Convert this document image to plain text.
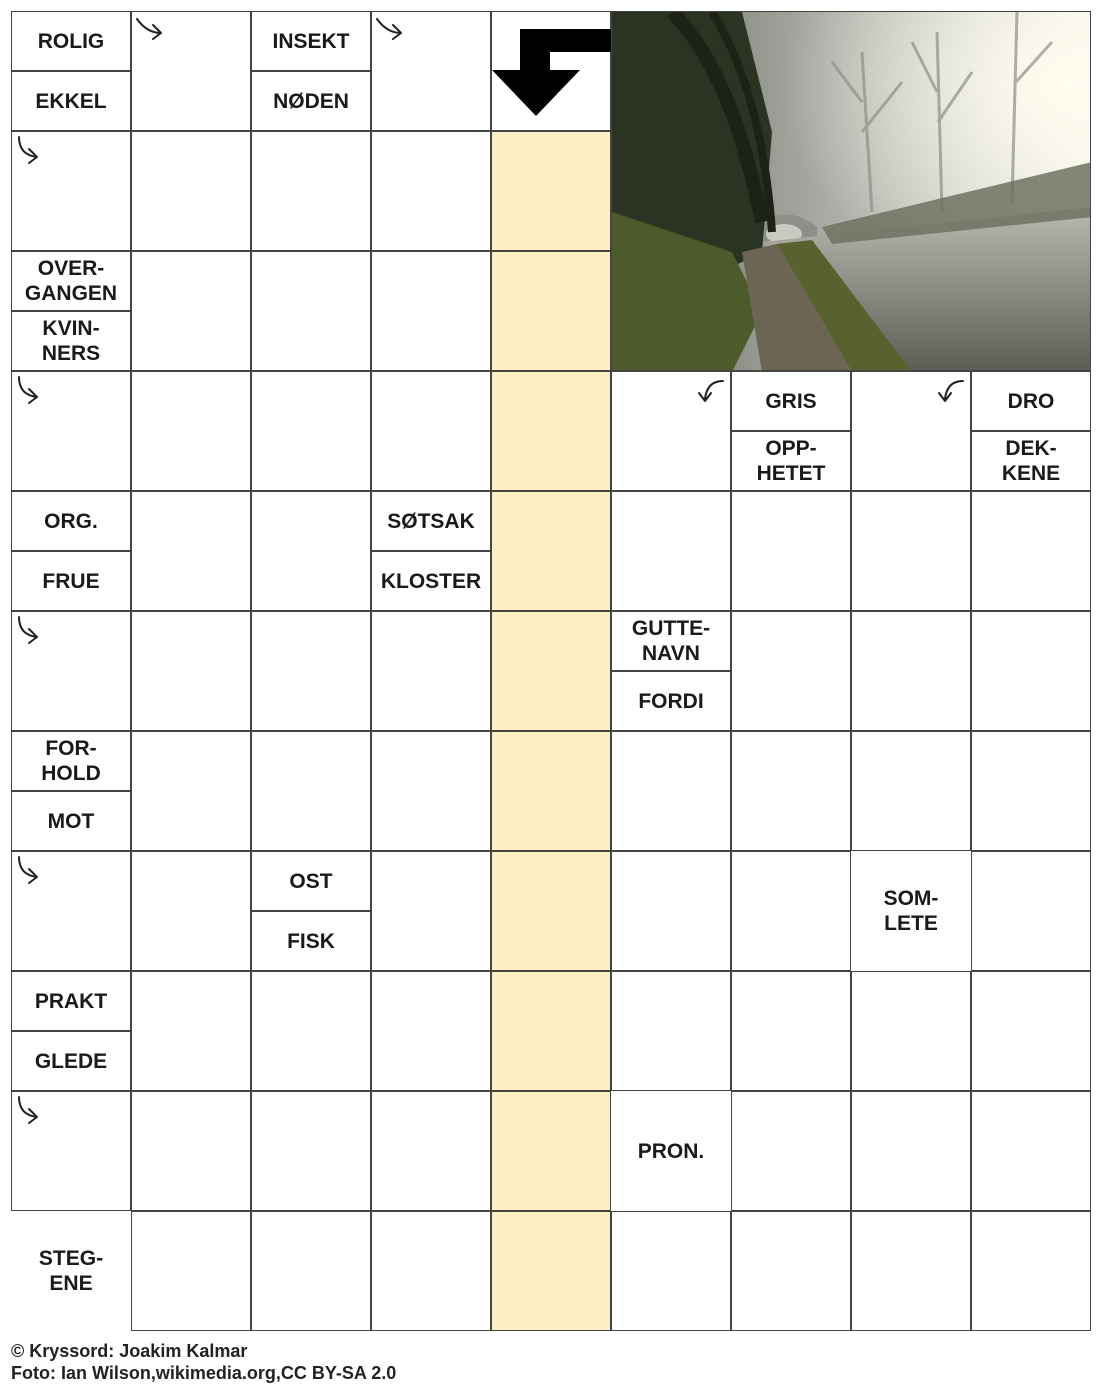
ROLIG
EKKEL
INSEKT
NØDEN
OVER-
GANGEN
KVIN-
NERS
GRIS
OPP-
HETET
DRO
DEK-
KENE
ORG.
FRUE
SØTSAK
KLOSTER
GUTTE-
NAVN
FORDI
FOR-
HOLD
MOT
OST
FISK
SOM-
LETE
PRAKT
GLEDE
PRON.
STEG-
ENE
© Kryssord: Joakim Kalmar
Foto: Ian Wilson,wikimedia.org,CC BY-SA 2.0
